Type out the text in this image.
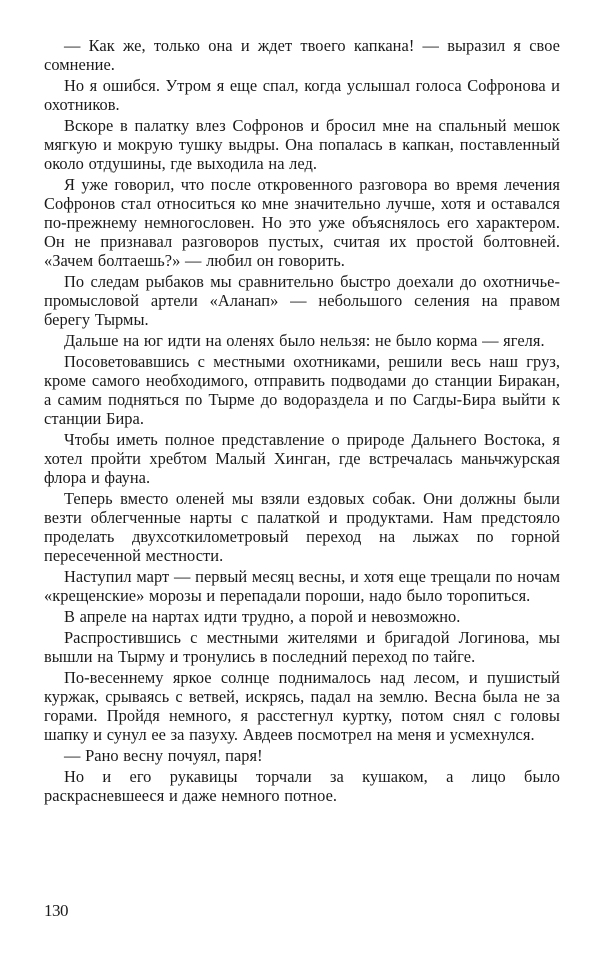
— Как же, только она и ждет твоего капкана! — выразил я свое сомнение.

Но я ошибся. Утром я еще спал, когда услышал голоса Софронова и охотников.

Вскоре в палатку влез Софронов и бросил мне на спальный мешок мягкую и мокрую тушку выдры. Она попалась в капкан, поставленный около отдушины, где выходила на лед.

Я уже говорил, что после откровенного разговора во время лечения Софронов стал относиться ко мне значительно лучше, хотя и оставался по-прежнему немногословен. Но это уже объяснялось его характером. Он не признавал разговоров пустых, считая их простой болтовней. «Зачем болтаешь?» — любил он говорить.

По следам рыбаков мы сравнительно быстро доехали до охотничье-промысловой артели «Аланап» — небольшого селения на правом берегу Тырмы.

Дальше на юг идти на оленях было нельзя: не было корма — ягеля.

Посоветовавшись с местными охотниками, решили весь наш груз, кроме самого необходимого, отправить подводами до станции Биракан, а самим подняться по Тырме до водораздела и по Сагды-Бира выйти к станции Бира.

Чтобы иметь полное представление о природе Дальнего Востока, я хотел пройти хребтом Малый Хинган, где встречалась маньчжурская флора и фауна.

Теперь вместо оленей мы взяли ездовых собак. Они должны были везти облегченные нарты с палаткой и продуктами. Нам предстояло проделать двухсоткилометровый переход на лыжах по горной пересеченной местности.

Наступил март — первый месяц весны, и хотя еще трещали по ночам «крещенские» морозы и перепадали пороши, надо было торопиться.

В апреле на нартах идти трудно, а порой и невозможно.

Распростившись с местными жителями и бригадой Логинова, мы вышли на Тырму и тронулись в последний переход по тайге.

По-весеннему яркое солнце поднималось над лесом, и пушистый куржак, срываясь с ветвей, искрясь, падал на землю. Весна была не за горами. Пройдя немного, я расстегнул куртку, потом снял с головы шапку и сунул ее за пазуху. Авдеев посмотрел на меня и усмехнулся.

— Рано весну почуял, паря!

Но и его рукавицы торчали за кушаком, а лицо было раскрасневшееся и даже немного потное.

130
